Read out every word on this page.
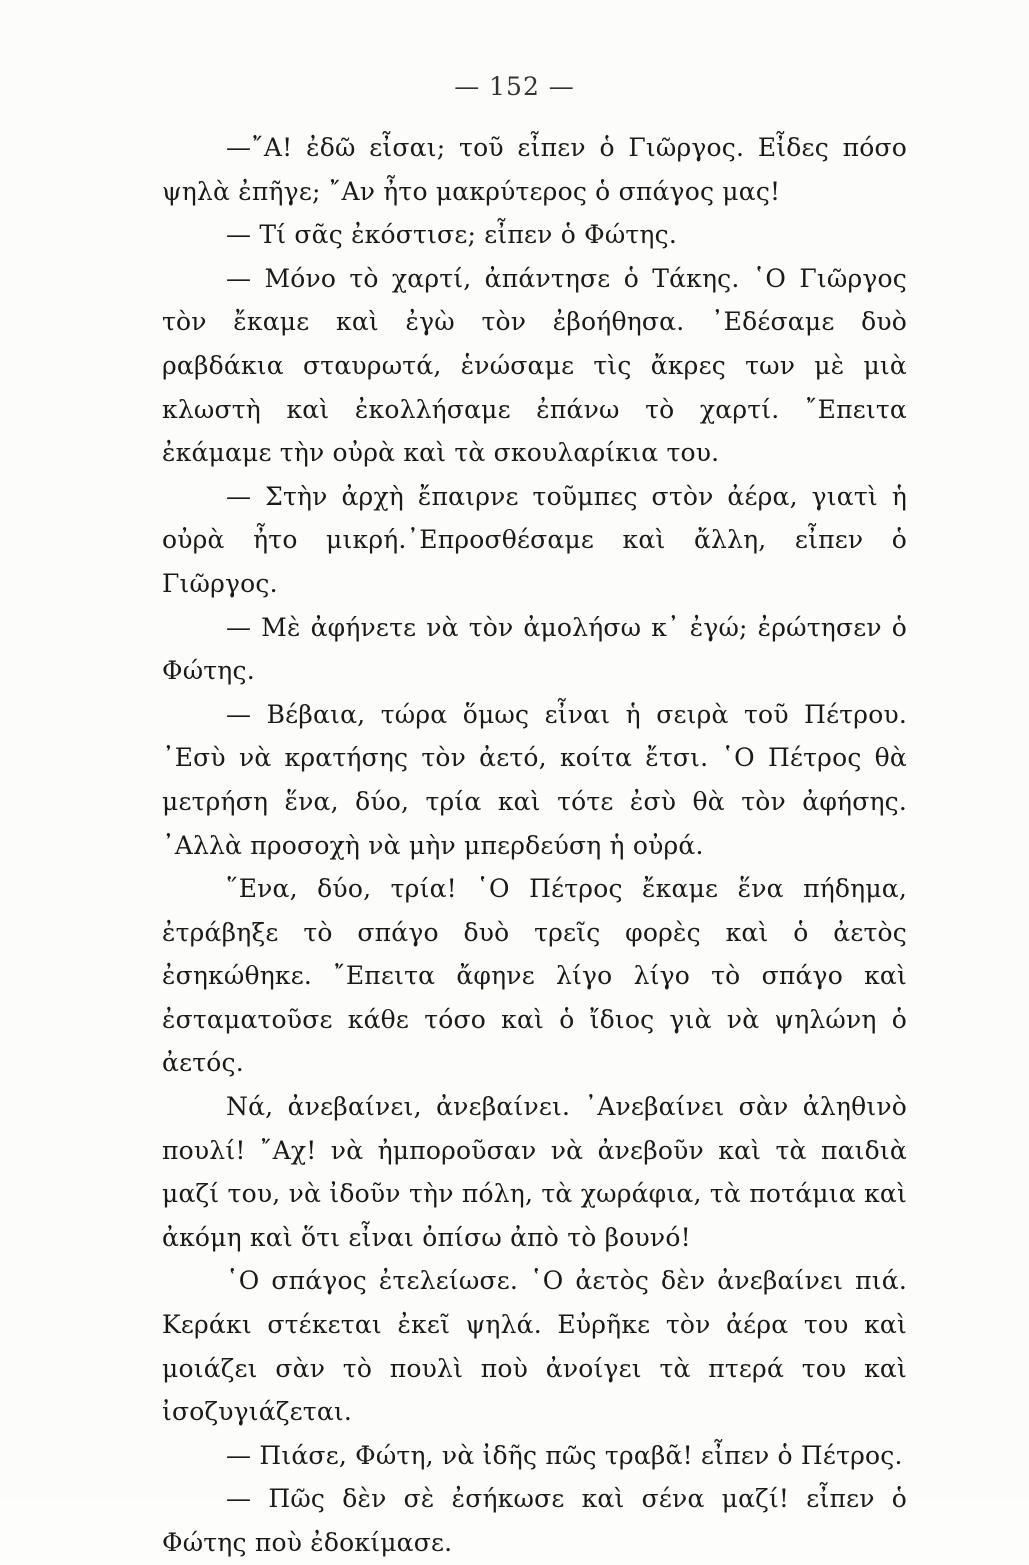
— 152 —

—῎Α! ἐδῶ εἶσαι; τοῦ εἶπεν ὁ Γιῶργος. Εἶδες πόσο ψηλὰ ἐπῆγε; ῎Αν ἦτο μακρύτερος ὁ σπάγος μας!

— Τί σᾶς ἐκόστισε; εἶπεν ὁ Φώτης.

— Μόνο τὸ χαρτί, ἀπάντησε ὁ Τάκης. ῾Ο Γιῶργος τὸν ἔκαμε καὶ ἐγὼ τὸν ἐβοήθησα. ᾿Εδέσαμε δυὸ ραβδάκια σταυρωτά, ἑνώσαμε τὶς ἄκρες των μὲ μιὰ κλωστὴ καὶ ἐκολλήσαμε ἐπάνω τὸ χαρτί. ῎Επειτα ἐκάμαμε τὴν οὐρὰ καὶ τὰ σκουλαρίκια του.

— Στὴν ἀρχὴ ἔπαιρνε τοῦμπες στὸν ἀέρα, γιατὶ ἡ οὐρὰ ἦτο μικρή.᾿Επροσθέσαμε καὶ ἄλλη, εἶπεν ὁ Γιῶργος.

— Μὲ ἀφήνετε νὰ τὸν ἀμολήσω κ᾿ ἐγώ; ἐρώτησεν ὁ Φώτης.

— Βέβαια, τώρα ὅμως εἶναι ἡ σειρὰ τοῦ Πέτρου. ᾿Εσὺ νὰ κρατήσης τὸν ἀετό, κοίτα ἔτσι. ῾Ο Πέτρος θὰ μετρήση ἕνα, δύο, τρία καὶ τότε ἐσὺ θὰ τὸν ἀφήσης. ᾿Αλλὰ προσοχὴ νὰ μὴν μπερδεύση ἡ οὐρά.

῞Ενα, δύο, τρία! ῾Ο Πέτρος ἔκαμε ἕνα πήδημα, ἐτράβηξε τὸ σπάγο δυὸ τρεῖς φορὲς καὶ ὁ ἀετὸς ἐσηκώθηκε. ῎Επειτα ἄφηνε λίγο λίγο τὸ σπάγο καὶ ἐσταματοῦσε κάθε τόσο καὶ ὁ ἴδιος γιὰ νὰ ψηλώνη ὁ ἀετός.

Νά, ἀνεβαίνει, ἀνεβαίνει. ᾿Ανεβαίνει σὰν ἀληθινὸ πουλί! ῎Αχ! νὰ ἠμποροῦσαν νὰ ἀνεβοῦν καὶ τὰ παιδιὰ μαζί του, νὰ ἰδοῦν τὴν πόλη, τὰ χωράφια, τὰ ποτάμια καὶ ἀκόμη καὶ ὅτι εἶναι ὀπίσω ἀπὸ τὸ βουνό!

῾Ο σπάγος ἐτελείωσε. ῾Ο ἀετὸς δὲν ἀνεβαίνει πιά. Κεράκι στέκεται ἐκεῖ ψηλά. Εὐρῆκε τὸν ἀέρα του καὶ μοιάζει σὰν τὸ πουλὶ ποὺ ἀνοίγει τὰ πτερά του καὶ ἰσοζυγιάζεται.

— Πιάσε, Φώτη, νὰ ἰδῆς πῶς τραβᾶ! εἶπεν ὁ Πέτρος.

— Πῶς δὲν σὲ ἐσήκωσε καὶ σένα μαζί! εἶπεν ὁ Φώτης ποὺ ἐδοκίμασε.
